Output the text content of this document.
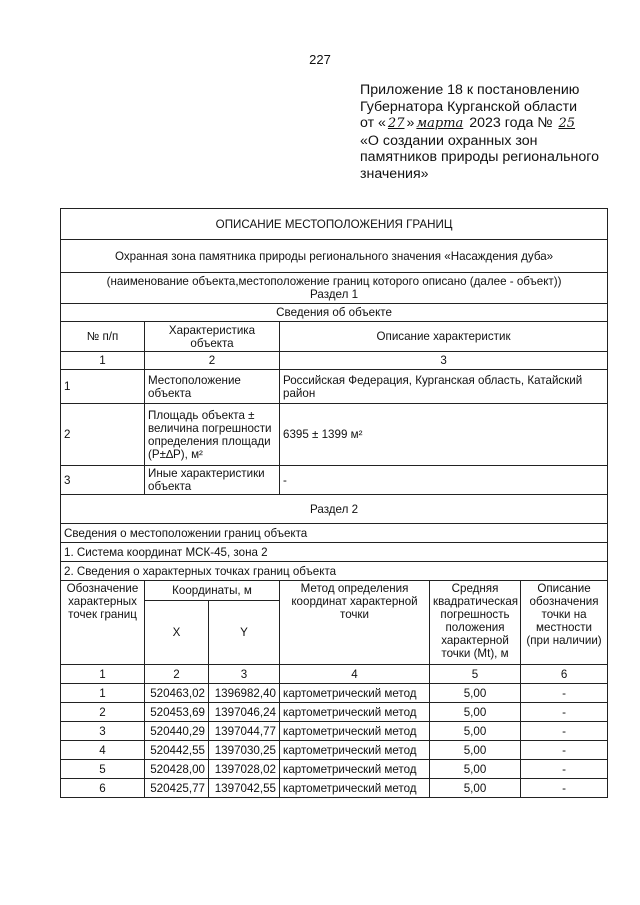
227
Приложение 18 к постановлению
Губернатора Курганской области
от « 27 » марта 2023 года № 25
«О создании охранных зон
памятников природы регионального
значения»
ОПИСАНИЕ МЕСТОПОЛОЖЕНИЯ ГРАНИЦ					
Охранная зона памятника природы регионального значения «Насаждения дуба»					

(наименование объекта,местоположение границ которого описано (далее - объект))
Раздел 1					

Сведения об объекте					
№ п/п	Характеристика объекта		Описание характеристик		
1	2		3		
1	Местоположение объекта		Российская Федерация, Курганская область, Катайский район		
2	Площадь объекта ± величина погрешности определения площади (P±∆P), м²		6395 ± 1399 м²		
3	Иные характеристики объекта		-		
Раздел 2					
Сведения о местоположении границ объекта					
1. Система координат МСК-45, зона 2					
2. Сведения о характерных точках границ объекта					
Обозначение характерных точек границ	Координаты, м		Метод определения координат характерной точки	Средняя квадратическая погрешность положения характерной точки (Mt), м	Описание обозначения точки на местности (при наличии)
	X	Y			
1	2	3	4	5	6
1	520463,02	1396982,40	картометрический метод	5,00	-
2	520453,69	1397046,24	картометрический метод	5,00	-
3	520440,29	1397044,77	картометрический метод	5,00	-
4	520442,55	1397030,25	картометрический метод	5,00	-
5	520428,00	1397028,02	картометрический метод	5,00	-
6	520425,77	1397042,55	картометрический метод	5,00	-
